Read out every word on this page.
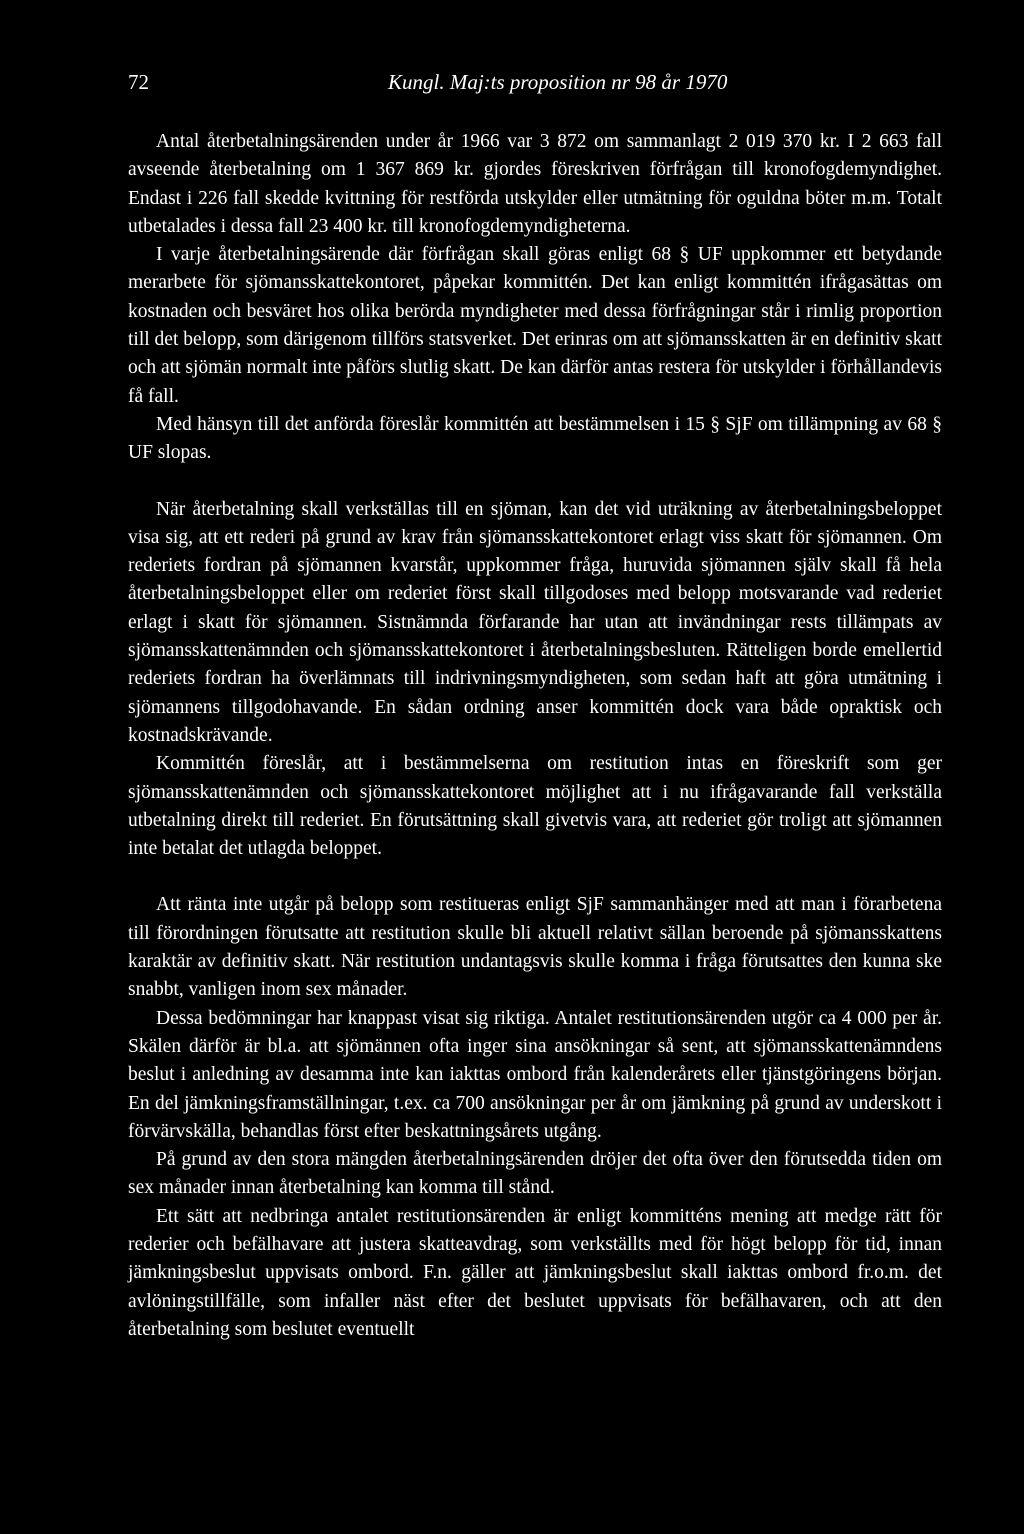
72	Kungl. Maj:ts proposition nr 98 år 1970

Antal återbetalningsärenden under år 1966 var 3 872 om sammanlagt 2 019 370 kr. I 2 663 fall avseende återbetalning om 1 367 869 kr. gjordes föreskriven förfrågan till kronofogdemyndighet. Endast i 226 fall skedde kvittning för restförda utskylder eller utmätning för oguldna böter m.m. Totalt utbetalades i dessa fall 23 400 kr. till kronofogdemyndigheterna.

I varje återbetalningsärende där förfrågan skall göras enligt 68 § UF uppkommer ett betydande merarbete för sjömansskattekontoret, påpekar kommittén. Det kan enligt kommittén ifrågasättas om kostnaden och besväret hos olika berörda myndigheter med dessa förfrågningar står i rimlig proportion till det belopp, som därigenom tillförs statsverket. Det erinras om att sjömansskatten är en definitiv skatt och att sjömän normalt inte påförs slutlig skatt. De kan därför antas restera för utskylder i förhållandevis få fall.

Med hänsyn till det anförda föreslår kommittén att bestämmelsen i 15 § SjF om tillämpning av 68 § UF slopas.

När återbetalning skall verkställas till en sjöman, kan det vid uträkning av återbetalningsbeloppet visa sig, att ett rederi på grund av krav från sjömansskattekontoret erlagt viss skatt för sjömannen. Om rederiets fordran på sjömannen kvarstår, uppkommer fråga, huruvida sjömannen själv skall få hela återbetalningsbeloppet eller om rederiet först skall tillgodoses med belopp motsvarande vad rederiet erlagt i skatt för sjömannen. Sistnämnda förfarande har utan att invändningar rests tillämpats av sjömansskattenämnden och sjömansskattekontoret i återbetalningsbesluten. Rätteligen borde emellertid rederiets fordran ha överlämnats till indrivningsmyndigheten, som sedan haft att göra utmätning i sjömannens tillgodohavande. En sådan ordning anser kommittén dock vara både opraktisk och kostnadskrävande.

Kommittén föreslår, att i bestämmelserna om restitution intas en föreskrift som ger sjömansskattenämnden och sjömansskattekontoret möjlighet att i nu ifrågavarande fall verkställa utbetalning direkt till rederiet. En förutsättning skall givetvis vara, att rederiet gör troligt att sjömannen inte betalat det utlagda beloppet.

Att ränta inte utgår på belopp som restitueras enligt SjF sammanhänger med att man i förarbetena till förordningen förutsatte att restitution skulle bli aktuell relativt sällan beroende på sjömansskattens karaktär av definitiv skatt. När restitution undantagsvis skulle komma i fråga förutsattes den kunna ske snabbt, vanligen inom sex månader.

Dessa bedömningar har knappast visat sig riktiga. Antalet restitutionsärenden utgör ca 4 000 per år. Skälen därför är bl.a. att sjömännen ofta inger sina ansökningar så sent, att sjömansskattenämndens beslut i anledning av desamma inte kan iakttas ombord från kalenderårets eller tjänstgöringens början. En del jämkningsframställningar, t.ex. ca 700 ansökningar per år om jämkning på grund av underskott i förvärvskälla, behandlas först efter beskattningsårets utgång.

På grund av den stora mängden återbetalningsärenden dröjer det ofta över den förutsedda tiden om sex månader innan återbetalning kan komma till stånd.

Ett sätt att nedbringa antalet restitutionsärenden är enligt kommitténs mening att medge rätt för rederier och befälhavare att justera skatteavdrag, som verkställts med för högt belopp för tid, innan jämkningsbeslut uppvisats ombord. F.n. gäller att jämkningsbeslut skall iakttas ombord fr.o.m. det avlöningstillfälle, som infaller näst efter det beslutet uppvisats för befälhavaren, och att den återbetalning som beslutet eventuellt
